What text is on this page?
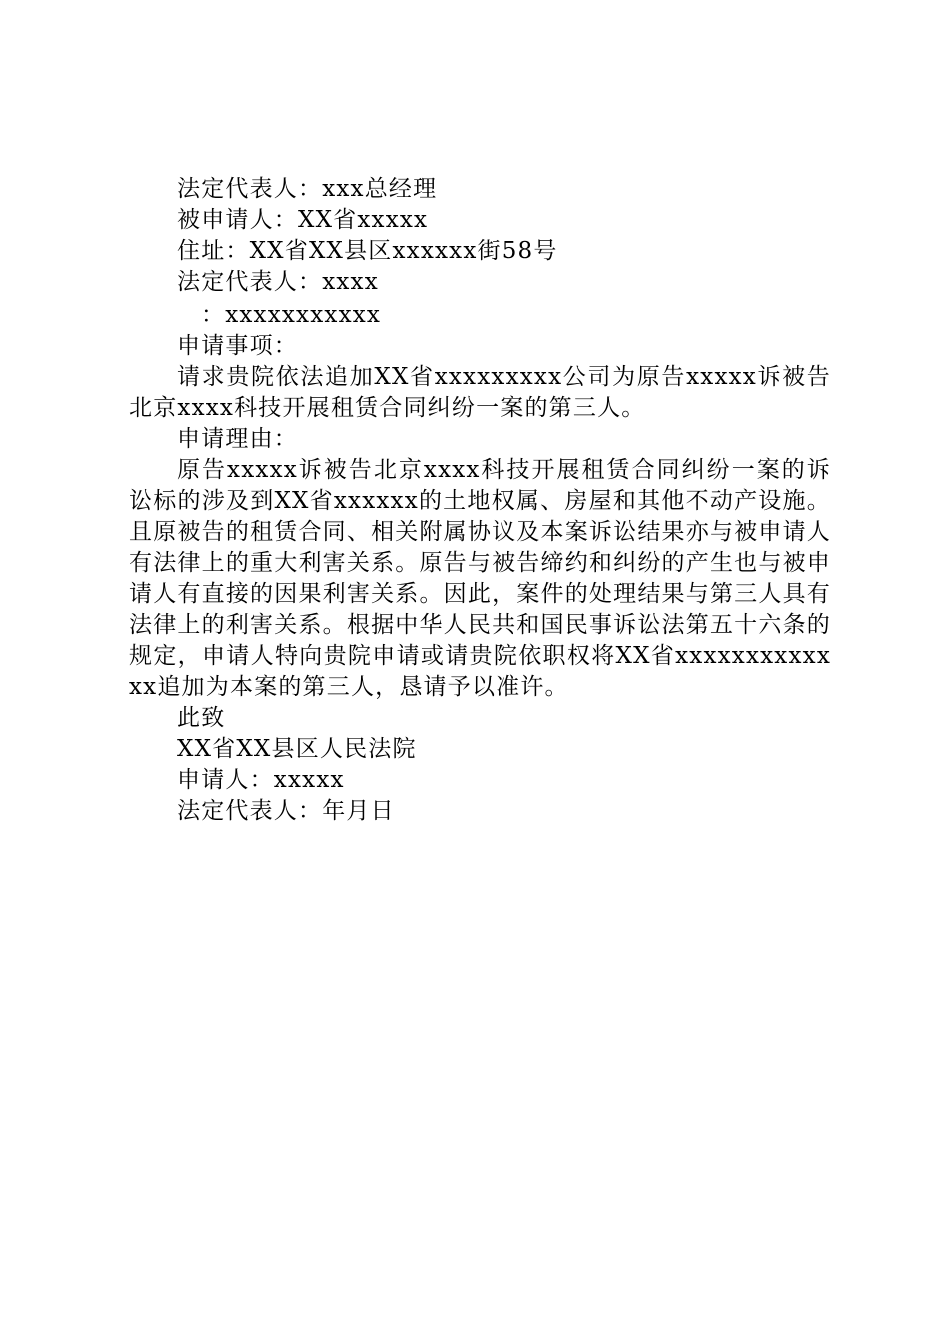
法定代表人：xxx总经理
被申请人：XX省xxxxx
住址：XX省XX县区xxxxxx街58号
法定代表人：xxxx
：xxxxxxxxxxx
申请事项：
请求贵院依法追加XX省xxxxxxxxx公司为原告xxxxx诉被告北京xxxx科技开展租赁合同纠纷一案的第三人。
申请理由：
原告xxxxx诉被告北京xxxx科技开展租赁合同纠纷一案的诉讼标的涉及到XX省xxxxxx的土地权属、房屋和其他不动产设施。且原被告的租赁合同、相关附属协议及本案诉讼结果亦与被申请人有法律上的重大利害关系。原告与被告缔约和纠纷的产生也与被申请人有直接的因果利害关系。因此，案件的处理结果与第三人具有法律上的利害关系。根据中华人民共和国民事诉讼法第五十六条的规定，申请人特向贵院申请或请贵院依职权将XX省xxxxxxxxxxxxx追加为本案的第三人，恳请予以准许。
此致
XX省XX县区人民法院
申请人：xxxxx
法定代表人：年月日
